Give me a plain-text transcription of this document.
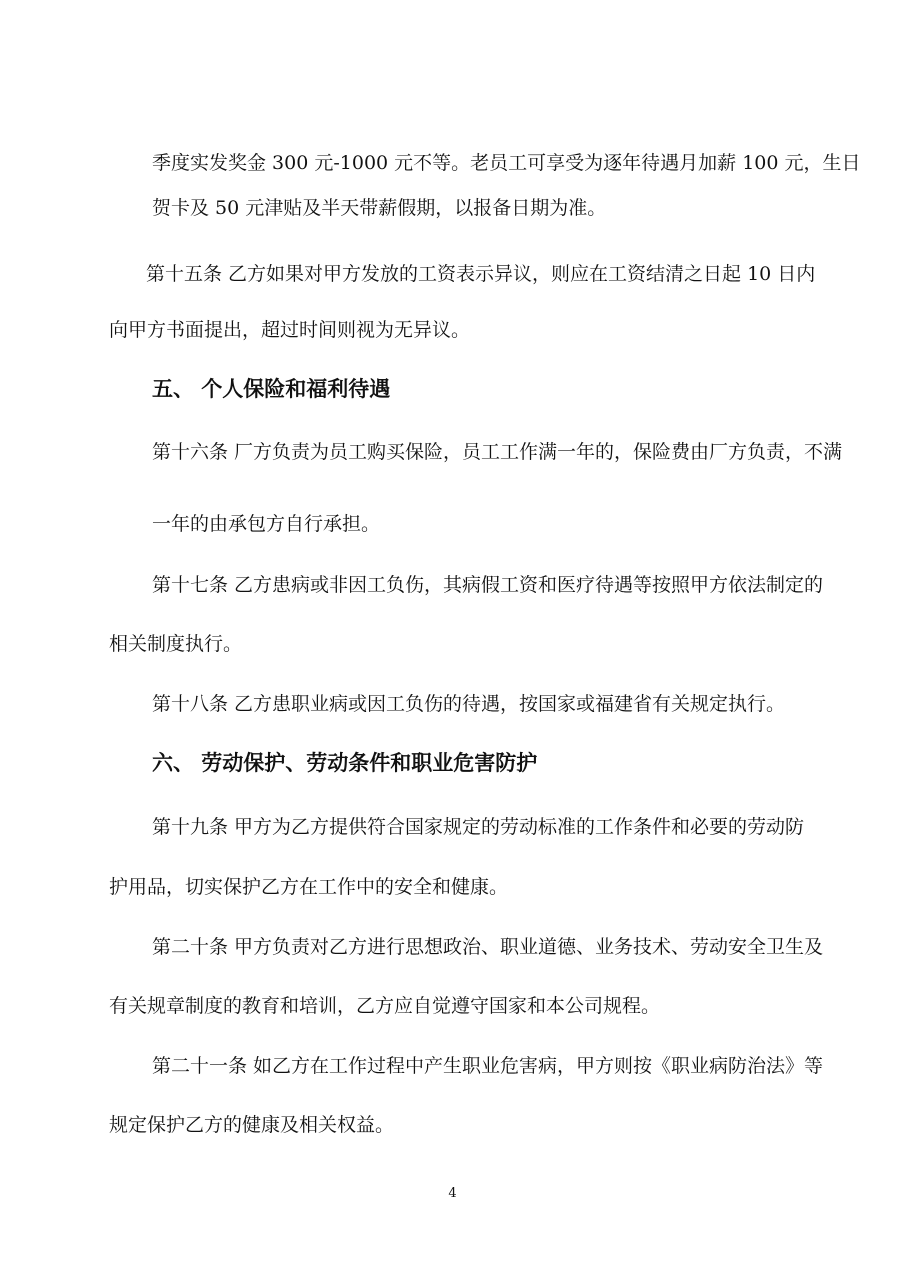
季度实发奖金 300 元-1000 元不等。老员工可享受为逐年待遇月加薪 100 元，生日
贺卡及 50 元津贴及半天带薪假期，以报备日期为准。
第十五条 乙方如果对甲方发放的工资表示异议，则应在工资结清之日起 10 日内
向甲方书面提出，超过时间则视为无异议。
五、 个人保险和福利待遇
第十六条 厂方负责为员工购买保险，员工工作满一年的，保险费由厂方负责，不满
一年的由承包方自行承担。
第十七条 乙方患病或非因工负伤，其病假工资和医疗待遇等按照甲方依法制定的
相关制度执行。
第十八条 乙方患职业病或因工负伤的待遇，按国家或福建省有关规定执行。
六、 劳动保护、劳动条件和职业危害防护
第十九条 甲方为乙方提供符合国家规定的劳动标准的工作条件和必要的劳动防
护用品，切实保护乙方在工作中的安全和健康。
第二十条 甲方负责对乙方进行思想政治、职业道德、业务技术、劳动安全卫生及
有关规章制度的教育和培训，乙方应自觉遵守国家和本公司规程。
第二十一条 如乙方在工作过程中产生职业危害病，甲方则按《职业病防治法》等
规定保护乙方的健康及相关权益。
4
